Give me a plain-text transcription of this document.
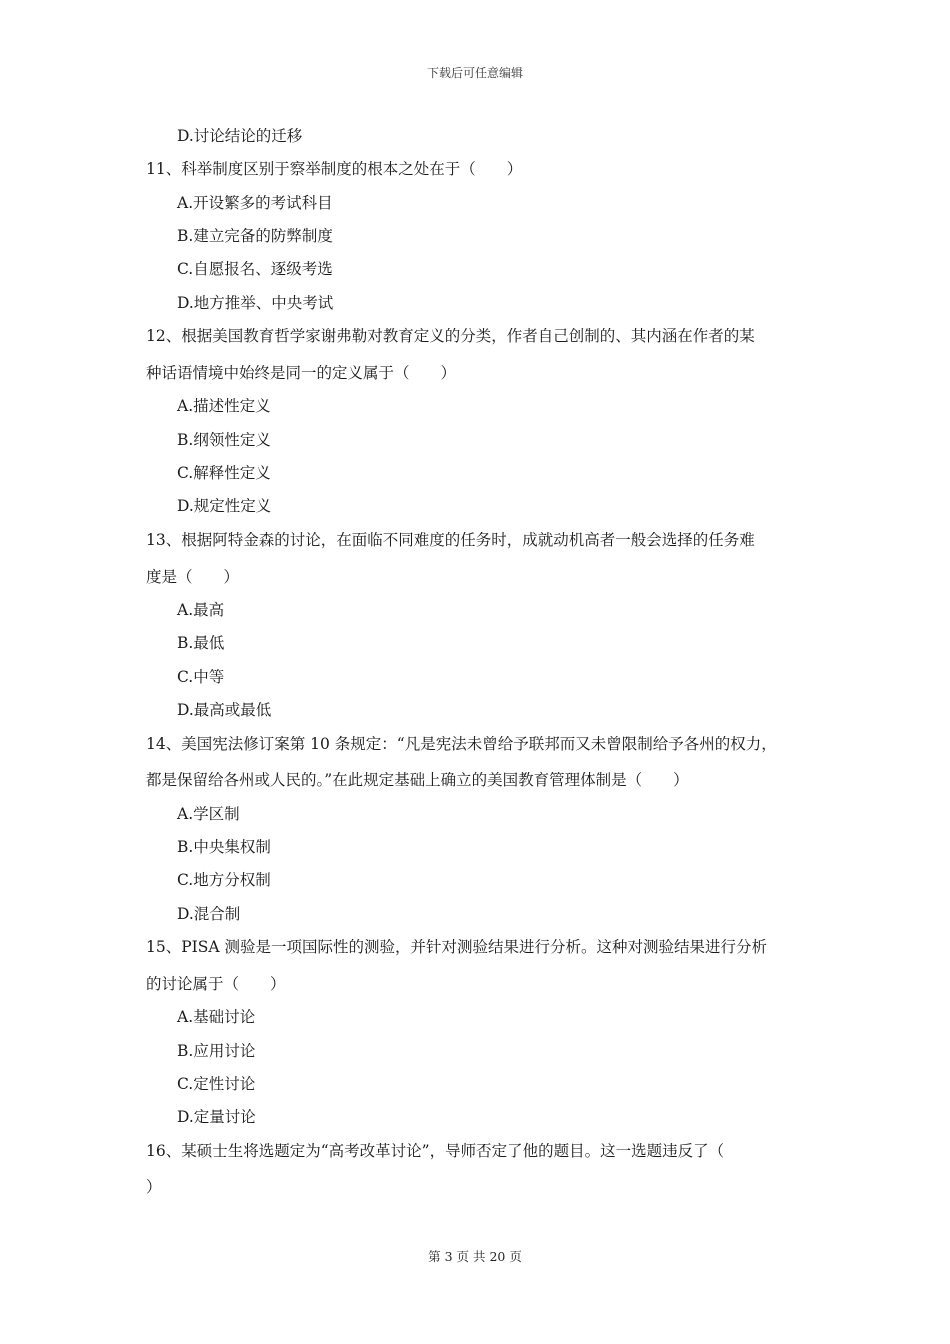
下载后可任意编辑
D.讨论结论的迁移
11、科举制度区别于察举制度的根本之处在于（　　）
A.开设繁多的考试科目
B.建立完备的防弊制度
C.自愿报名、逐级考选
D.地方推举、中央考试
12、根据美国教育哲学家谢弗勒对教育定义的分类，作者自己创制的、其内涵在作者的某
种话语情境中始终是同一的定义属于（　　）
A.描述性定义
B.纲领性定义
C.解释性定义
D.规定性定义
13、根据阿特金森的讨论，在面临不同难度的任务时，成就动机高者一般会选择的任务难
度是（　　）
A.最高
B.最低
C.中等
D.最高或最低
14、美国宪法修订案第 10 条规定：“凡是宪法未曾给予联邦而又未曾限制给予各州的权力，
都是保留给各州或人民的。”在此规定基础上确立的美国教育管理体制是（　　）
A.学区制
B.中央集权制
C.地方分权制
D.混合制
15、PISA 测验是一项国际性的测验，并针对测验结果进行分析。这种对测验结果进行分析
的讨论属于（　　）
A.基础讨论
B.应用讨论
C.定性讨论
D.定量讨论
16、某硕士生将选题定为“高考改革讨论”，导师否定了他的题目。这一选题违反了（
）
第 3 页 共 20 页
